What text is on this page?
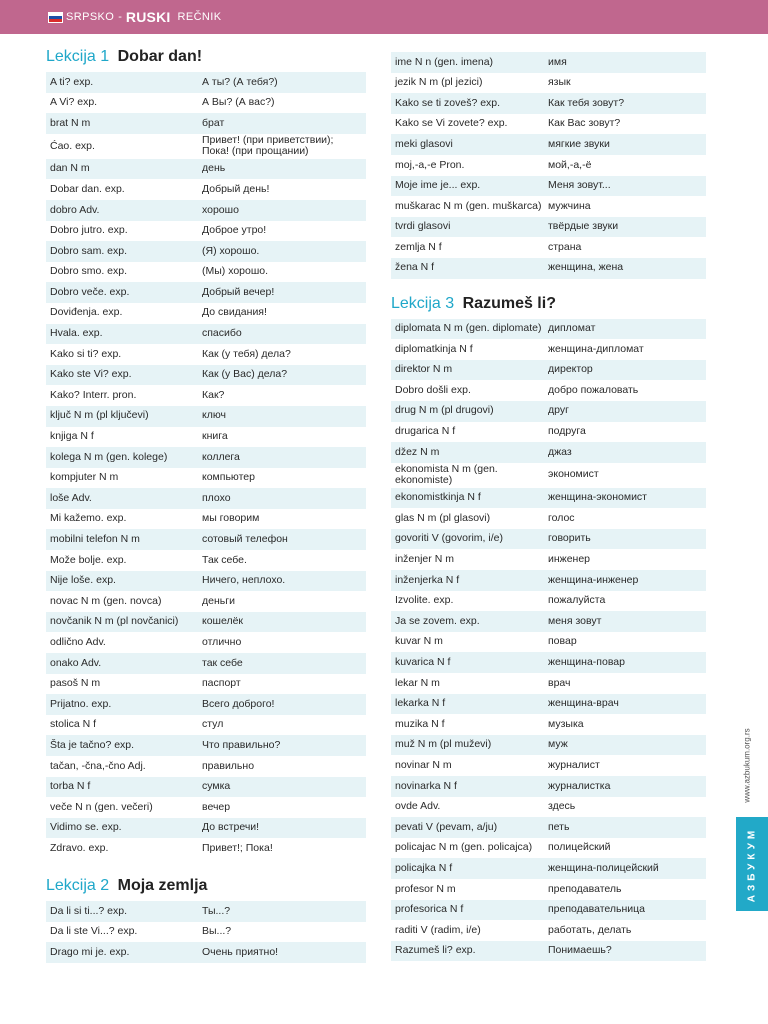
SRPSKO - RUSKI REČNIK
Lekcija 1 Dobar dan!
A ti? exp.	А ты? (А тебя?)
A Vi? exp.	А Вы? (А вас?)
brat N m	брат
Ćao. exp.	Привет! (при приветствии); Пока! (при прощании)
dan N m	день
Dobar dan. exp.	Добрый день!
dobro Adv.	хорошо
Dobro jutro. exp.	Доброе утро!
Dobro sam. exp.	(Я) хорошо.
Dobro smo. exp.	(Мы) хорошо.
Dobro veče. exp.	Добрый вечер!
Doviđenja. exp.	До свидания!
Hvala. exp.	спасибо
Kako si ti? exp.	Как (у тебя) дела?
Kako ste Vi? exp.	Как (у Вас) дела?
Kako? Interr. pron.	Как?
ključ N m (pl ključevi)	ключ
knjiga N f	книга
kolega N m (gen. kolege)	коллега
kompjuter N m	компьютер
loše Adv.	плохо
Mi kažemo. exp.	мы говорим
mobilni telefon N m	сотовый телефон
Može bolje. exp.	Так себе.
Nije loše. exp.	Ничего, неплохо.
novac N m (gen. novca)	деньги
novčanik N m (pl novčanici)	кошелёк
odlično Adv.	отлично
onako Adv.	так себе
pasoš N m	паспорт
Prijatno. exp.	Всего доброго!
stolica N f	стул
Šta je tačno? exp.	Что правильно?
tačan, -čna,-čno Adj.	правильно
torba N f	сумка
veče N n (gen. večeri)	вечер
Vidimo se. exp.	До встречи!
Zdravo. exp.	Привет!; Пока!
Lekcija 2 Moja zemlja
Da li si ti...? exp.	Ты...?
Da li ste Vi...? exp.	Вы...?
Drago mi je. exp.	Очень приятно!
ime N n (gen. imena)	имя
jezik N m (pl jezici)	язык
Kako se ti zoveš? exp.	Как тебя зовут?
Kako se Vi zovete? exp.	Как Вас зовут?
meki glasovi	мягкие звуки
moj,-a,-e Pron.	мой,-а,-ё
Moje ime je... exp.	Меня зовут...
muškarac N m (gen. muškarca) мужчина
tvrdi glasovi	твёрдые звуки
zemlja N f	страна
žena N f	женщина, жена
Lekcija 3 Razumeš li?
diplomata N m (gen. diplomate) дипломат
diplomatkinja N f	женщина-дипломат
direktor N m	директор
Dobro došli exp.	добро пожаловать
drug N m (pl drugovi)	друг
drugarica N f	подруга
džez N m	джаз
ekonomista N m (gen. ekonomiste)	экономист
ekonomistkinja N f	женщина-экономист
glas N m (pl glasovi)	голос
govoriti V (govorim, i/e)	говорить
inženjer N m	инженер
inženjerka N f	женщина-инженер
Izvolite. exp.	пожалуйста
Ja se zovem. exp.	меня зовут
kuvar N m	повар
kuvarica N f	женщина-повар
lekar N m	врач
lekarka N f	женщина-врач
muzika N f	музыка
muž N m (pl muževi)	муж
novinar N m	журналист
novinarka N f	журналистка
ovde Adv.	здесь
pevati V (pevam, a/ju)	петь
policajac N m (gen. policajca)	полицейский
policajka N f	женщина-полицейский
profesor N m	преподаватель
profesorica N f	преподавательница
raditi V (radim, i/e)	работать, делать
Razumeš li? exp.	Понимаешь?
www.azbukum.org.rs
АЗБУКУМ
